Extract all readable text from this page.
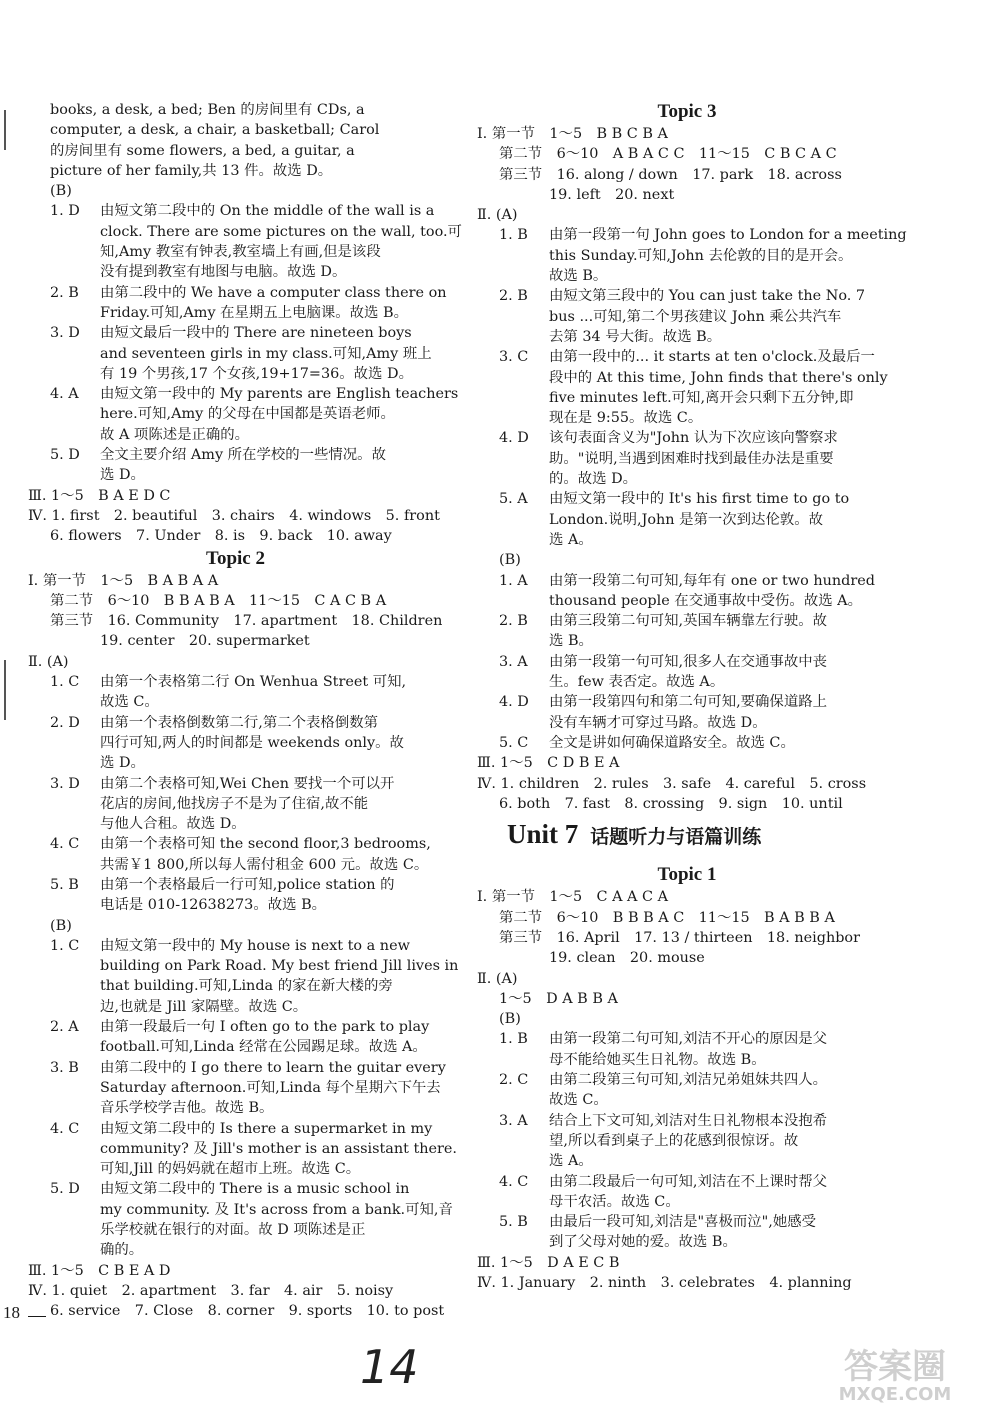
books, a desk, a bed; Ben 的房间里有 CDs, a
computer, a desk, a chair, a basketball; Carol
的房间里有 some flowers, a bed, a guitar, a
picture of her family,共 13 件。故选 D。
(B)
1. D	由短文第二段中的 On the middle of the wall is a
clock. There are some pictures on the wall, too.可
知,Amy 教室有钟表,教室墙上有画,但是该段
没有提到教室有地图与电脑。故选 D。
2. B	由第二段中的 We have a computer class there on
Friday.可知,Amy 在星期五上电脑课。故选 B。
3. D	由短文最后一段中的 There are nineteen boys
and seventeen girls in my class.可知,Amy 班上
有 19 个男孩,17 个女孩,19+17=36。故选 D。
4. A	由短文第一段中的 My parents are English teachers
here.可知,Amy 的父母在中国都是英语老师。
故 A 项陈述是正确的。
5. D	全文主要介绍 Amy 所在学校的一些情况。故
选 D。
Ⅲ. 1～5　B A E D C
Ⅳ. 1. first　2. beautiful　3. chairs　4. windows　5. front
6. flowers　7. Under　8. is　9. back　10. away
Topic 2
Ⅰ. 第一节　1～5　B A B A A
第二节　6～10　B B A B A　11～15　C A C B A
第三节　16. Community　17. apartment　18. Children
19. center　20. supermarket
Ⅱ. (A)
1. C	由第一个表格第二行 On Wenhua Street 可知,
故选 C。
2. D	由第一个表格倒数第二行,第二个表格倒数第
四行可知,两人的时间都是 weekends only。故
选 D。
3. D	由第二个表格可知,Wei Chen 要找一个可以开
花店的房间,他找房子不是为了住宿,故不能
与他人合租。故选 D。
4. C	由第一个表格可知 the second floor,3 bedrooms,
共需￥1 800,所以每人需付租金 600 元。故选 C。
5. B	由第一个表格最后一行可知,police station 的
电话是 010-12638273。故选 B。
(B)
1. C	由短文第一段中的 My house is next to a new
building on Park Road. My best friend Jill lives in
that building.可知,Linda 的家在新大楼的旁
边,也就是 Jill 家隔壁。故选 C。
2. A	由第一段最后一句 I often go to the park to play
football.可知,Linda 经常在公园踢足球。故选 A。
3. B	由第二段中的 I go there to learn the guitar every
Saturday afternoon.可知,Linda 每个星期六下午去
音乐学校学吉他。故选 B。
4. C	由短文第二段中的 Is there a supermarket in my
community? 及 Jill's mother is an assistant there.
可知,Jill 的妈妈就在超市上班。故选 C。
5. D	由短文第二段中的 There is a music school in
my community. 及 It's across from a bank.可知,音
乐学校就在银行的对面。故 D 项陈述是正
确的。
Ⅲ. 1～5　C B E A D
Ⅳ. 1. quiet　2. apartment　3. far　4. air　5. noisy
6. service　7. Close　8. corner　9. sports　10. to post
Topic 3
Ⅰ. 第一节　1～5　B B C B A
第二节　6～10　A B A C C　11～15　C B C A C
第三节　16. along / down　17. park　18. across
19. left　20. next
Ⅱ. (A)
1. B	由第一段第一句 John goes to London for a meeting
this Sunday.可知,John 去伦敦的目的是开会。
故选 B。
2. B	由短文第三段中的 You can just take the No. 7
bus ...可知,第二个男孩建议 John 乘公共汽车
去第 34 号大街。故选 B。
3. C	由第一段中的... it starts at ten o'clock.及最后一
段中的 At this time, John finds that there's only
five minutes left.可知,离开会只剩下五分钟,即
现在是 9:55。故选 C。
4. D	该句表面含义为"John 认为下次应该向警察求
助。"说明,当遇到困难时找到最佳办法是重要
的。故选 D。
5. A	由短文第一段中的 It's his first time to go to
London.说明,John 是第一次到达伦敦。故
选 A。
(B)
1. A	由第一段第二句可知,每年有 one or two hundred
thousand people 在交通事故中受伤。故选 A。
2. B	由第三段第二句可知,英国车辆靠左行驶。故
选 B。
3. A	由第一段第一句可知,很多人在交通事故中丧
生。few 表否定。故选 A。
4. D	由第一段第四句和第二句可知,要确保道路上
没有车辆才可穿过马路。故选 D。
5. C	全文是讲如何确保道路安全。故选 C。
Ⅲ. 1～5　C D B E A
Ⅳ. 1. children　2. rules　3. safe　4. careful　5. cross
6. both　7. fast　8. crossing　9. sign　10. until
Unit 7 话题听力与语篇训练
Topic 1
Ⅰ. 第一节　1～5　C A A C A
第二节　6～10　B B B A C　11～15　B A B B A
第三节　16. April　17. 13 / thirteen　18. neighbor
19. clean　20. mouse
Ⅱ. (A)
1～5　D A B B A
(B)
1. B	由第一段第二句可知,刘洁不开心的原因是父
母不能给她买生日礼物。故选 B。
2. C	由第二段第三句可知,刘洁兄弟姐妹共四人。
故选 C。
3. A	结合上下文可知,刘洁对生日礼物根本没抱希
望,所以看到桌子上的花感到很惊讶。故
选 A。
4. C	由第二段最后一句可知,刘洁在不上课时帮父
母干农活。故选 C。
5. B	由最后一段可知,刘洁是"喜极而泣",她感受
到了父母对她的爱。故选 B。
Ⅲ. 1～5　D A E C B
Ⅳ. 1. January　2. ninth　3. celebrates　4. planning
18
14	答案圈
MXQE.COM
